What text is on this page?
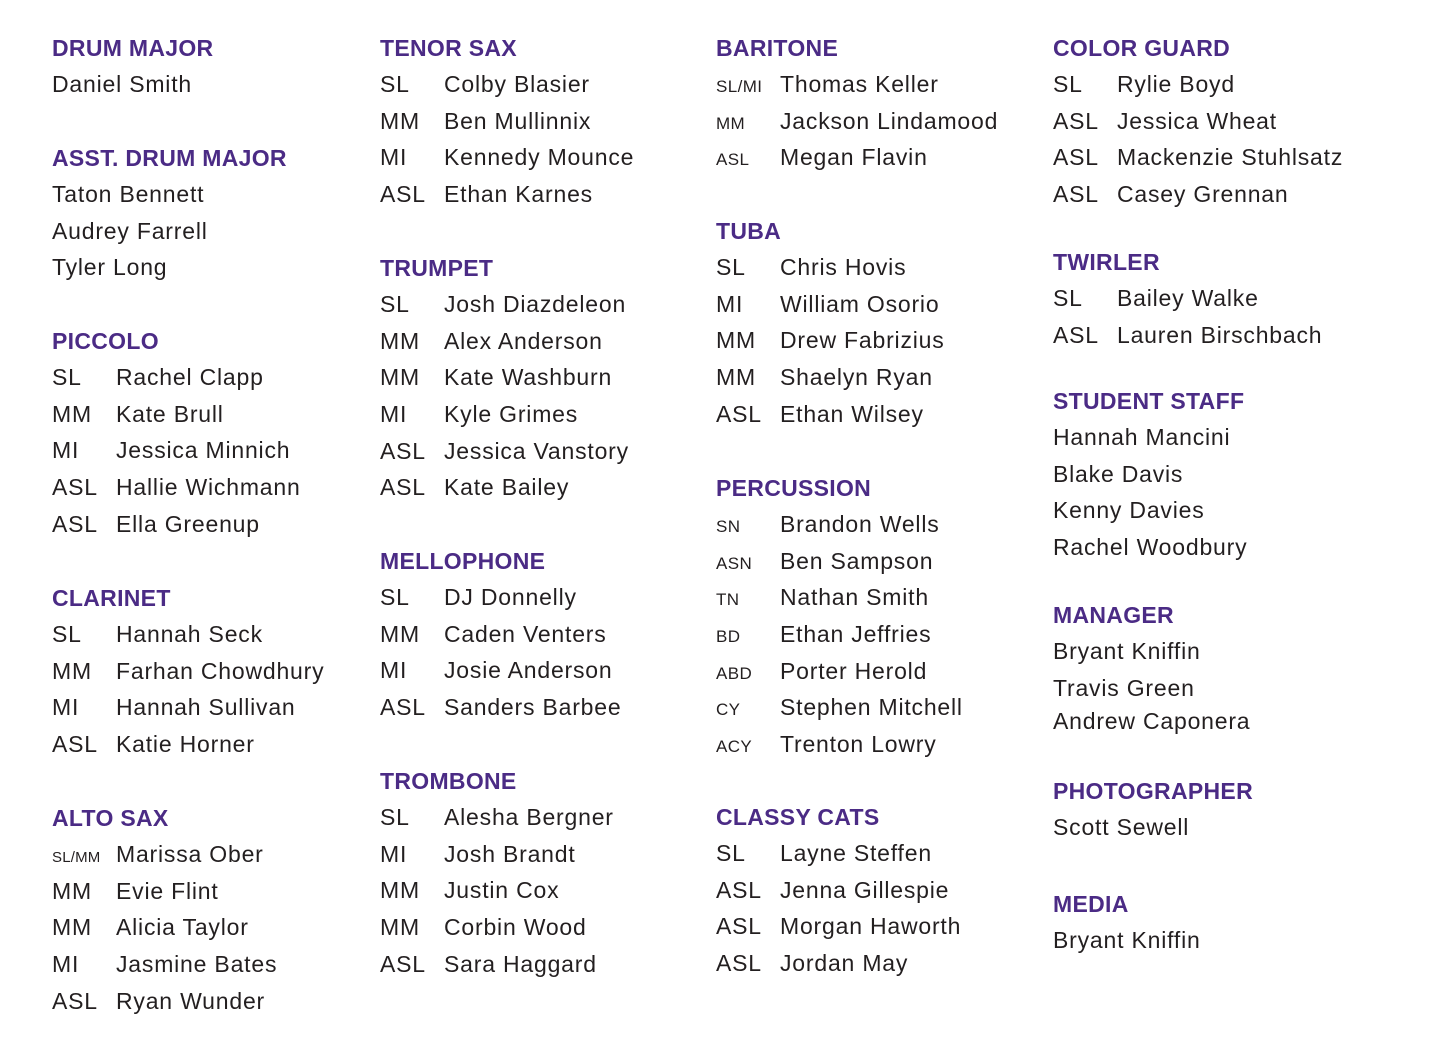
DRUM MAJOR
Daniel Smith
ASST. DRUM MAJOR
Taton Bennett
Audrey Farrell
Tyler Long
PICCOLO
SL Rachel Clapp
MM Kate Brull
MI Jessica Minnich
ASL Hallie Wichmann
ASL Ella Greenup
CLARINET
SL Hannah Seck
MM Farhan Chowdhury
MI Hannah Sullivan
ASL Katie Horner
ALTO SAX
SL/MM Marissa Ober
MM Evie Flint
MM Alicia Taylor
MI Jasmine Bates
ASL Ryan Wunder
TENOR SAX
SL Colby Blasier
MM Ben Mullinnix
MI Kennedy Mounce
ASL Ethan Karnes
TRUMPET
SL Josh Diazdeleon
MM Alex Anderson
MM Kate Washburn
MI Kyle Grimes
ASL Jessica Vanstory
ASL Kate Bailey
MELLOPHONE
SL DJ Donnelly
MM Caden Venters
MI Josie Anderson
ASL Sanders Barbee
TROMBONE
SL Alesha Bergner
MI Josh Brandt
MM Justin Cox
MM Corbin Wood
ASL Sara Haggard
BARITONE
SL/MI Thomas Keller
MM Jackson Lindamood
ASL Megan Flavin
TUBA
SL Chris Hovis
MI William Osorio
MM Drew Fabrizius
MM Shaelyn Ryan
ASL Ethan Wilsey
PERCUSSION
SN Brandon Wells
ASN Ben Sampson
TN Nathan Smith
BD Ethan Jeffries
ABD Porter Herold
CY Stephen Mitchell
ACY Trenton Lowry
CLASSY CATS
SL Layne Steffen
ASL Jenna Gillespie
ASL Morgan Haworth
ASL Jordan May
COLOR GUARD
SL Rylie Boyd
ASL Jessica Wheat
ASL Mackenzie Stuhlsatz
ASL Casey Grennan
TWIRLER
SL Bailey Walke
ASL Lauren Birschbach
STUDENT STAFF
Hannah Mancini
Blake Davis
Kenny Davies
Rachel Woodbury
MANAGER
Bryant Kniffin
Travis Green
Andrew Caponera
PHOTOGRAPHER
Scott Sewell
MEDIA
Bryant Kniffin
